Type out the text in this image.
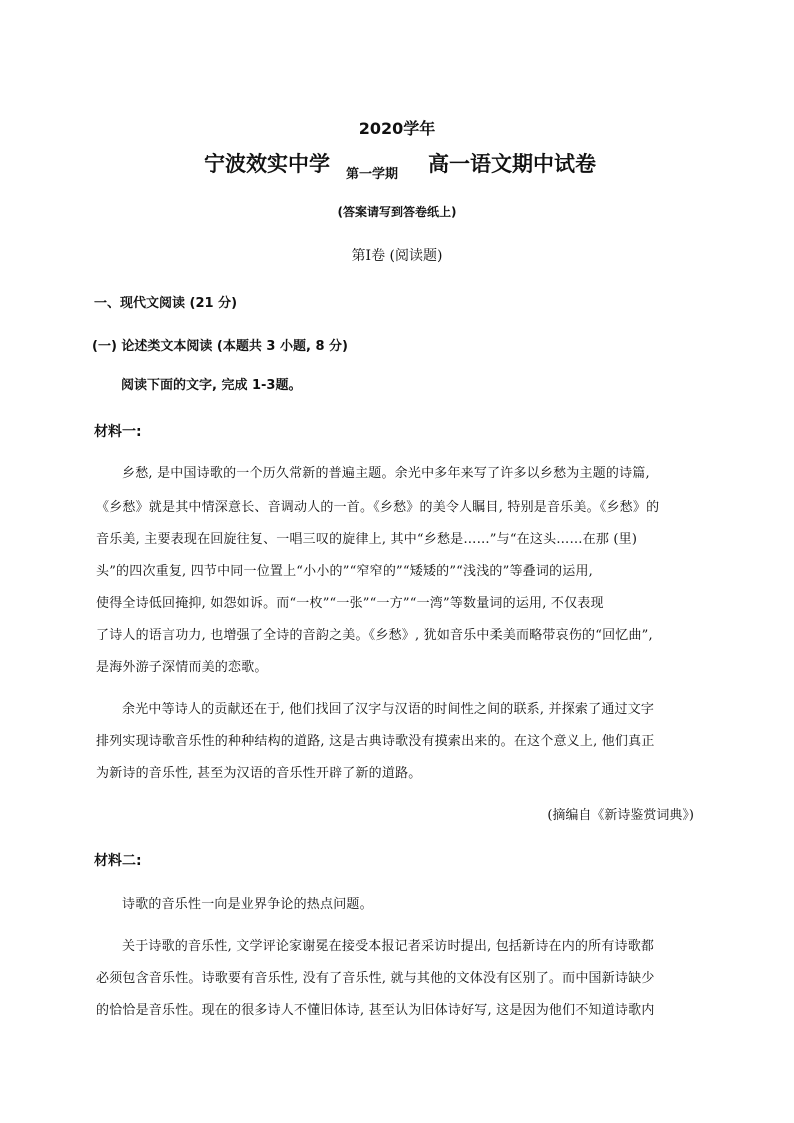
2020学年
宁波效实中学 第一学期 高一语文期中试卷
(答案请写到答卷纸上)
第Ⅰ卷 (阅读题)
一、现代文阅读 (21 分)
(一) 论述类文本阅读 (本题共 3 小题, 8 分)
阅读下面的文字, 完成 1-3题。
材料一:
乡愁, 是中国诗歌的一个历久常新的普遍主题。余光中多年来写了许多以乡愁为主题的诗篇,
《乡愁》就是其中情深意长、音调动人的一首。《乡愁》的美令人瞩目, 特别是音乐美。《乡愁》的
音乐美, 主要表现在回旋往复、一唱三叹的旋律上, 其中“乡愁是……”与“在这头……在那 (里)
头”的四次重复, 四节中同一位置上“小小的”“窄窄的”“矮矮的”“浅浅的”等叠词的运用,
使得全诗低回掩抑, 如怨如诉。而“一枚”“一张”“一方”“一湾”等数量词的运用, 不仅表现
了诗人的语言功力, 也增强了全诗的音韵之美。《乡愁》, 犹如音乐中柔美而略带哀伤的“回忆曲”,
是海外游子深情而美的恋歌。
余光中等诗人的贡献还在于, 他们找回了汉字与汉语的时间性之间的联系, 并探索了通过文字
排列实现诗歌音乐性的种种结构的道路, 这是古典诗歌没有摸索出来的。在这个意义上, 他们真正
为新诗的音乐性, 甚至为汉语的音乐性开辟了新的道路。
(摘编自《新诗鉴赏词典》)
材料二:
诗歌的音乐性一向是业界争论的热点问题。
关于诗歌的音乐性, 文学评论家谢冕在接受本报记者采访时提出, 包括新诗在内的所有诗歌都
必须包含音乐性。诗歌要有音乐性, 没有了音乐性, 就与其他的文体没有区别了。而中国新诗缺少
的恰恰是音乐性。现在的很多诗人不懂旧体诗, 甚至认为旧体诗好写, 这是因为他们不知道诗歌内
